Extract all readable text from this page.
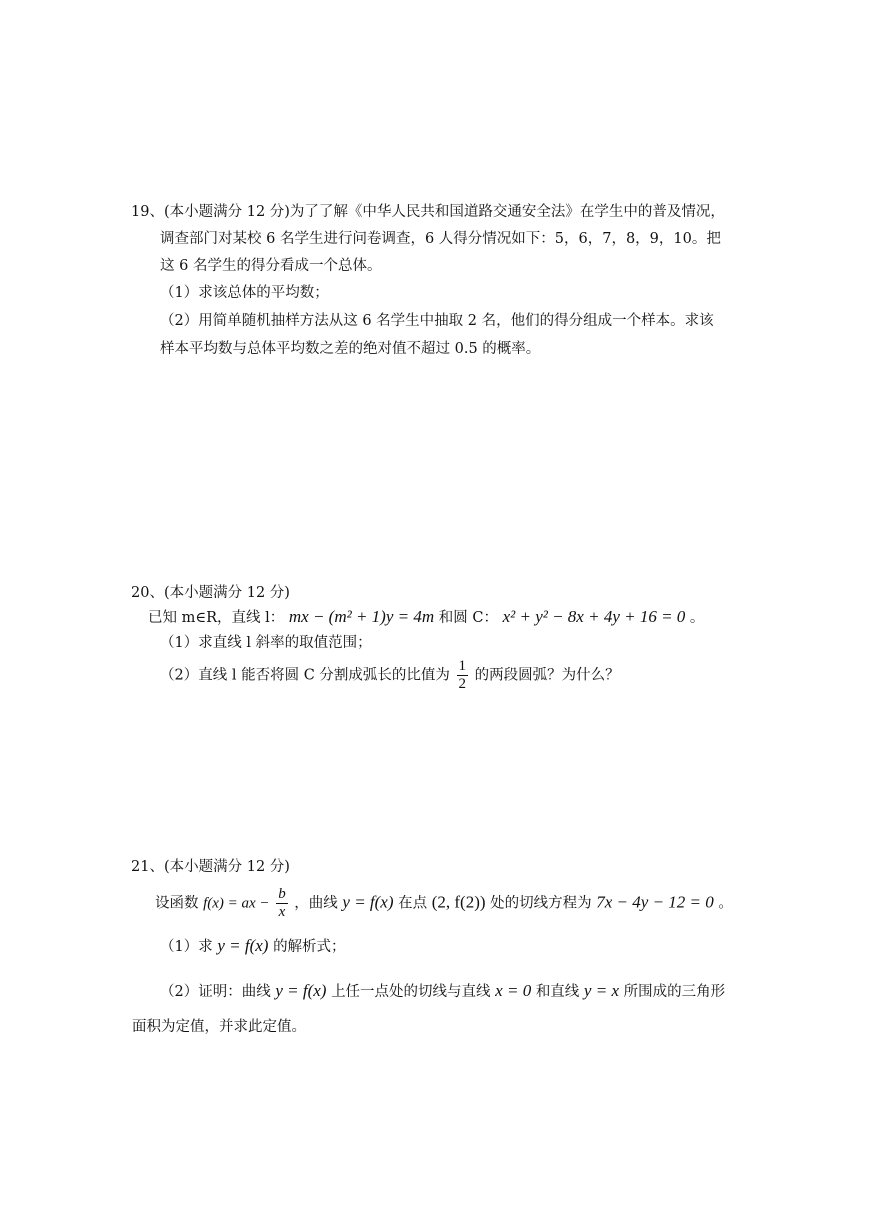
19、(本小题满分 12 分)为了了解《中华人民共和国道路交通安全法》在学生中的普及情况，
调查部门对某校 6 名学生进行问卷调查，6 人得分情况如下：5，6，7，8，9，10。把
这 6 名学生的得分看成一个总体。
（1）求该总体的平均数；
（2）用简单随机抽样方法从这 6 名学生中抽取 2 名，他们的得分组成一个样本。求该
样本平均数与总体平均数之差的绝对值不超过 0.5 的概率。
20、(本小题满分 12 分)
已知 m∈R，直线 l： mx − (m² + 1)y = 4m 和圆 C： x² + y² − 8x + 4y + 16 = 0 。
（1）求直线 l 斜率的取值范围；
（2）直线 l 能否将圆 C 分割成弧长的比值为 $\frac{1}{2}$ 的两段圆弧？为什么？
21、(本小题满分 12 分)
设函数 f(x) = ax − $\frac{b}{x}$ ，曲线 y = f(x) 在点 (2, f(2)) 处的切线方程为 7x − 4y − 12 = 0 。
（1）求 y = f(x) 的解析式；
（2）证明：曲线 y = f(x) 上任一点处的切线与直线 x = 0 和直线 y = x 所围成的三角形
面积为定值，并求此定值。
